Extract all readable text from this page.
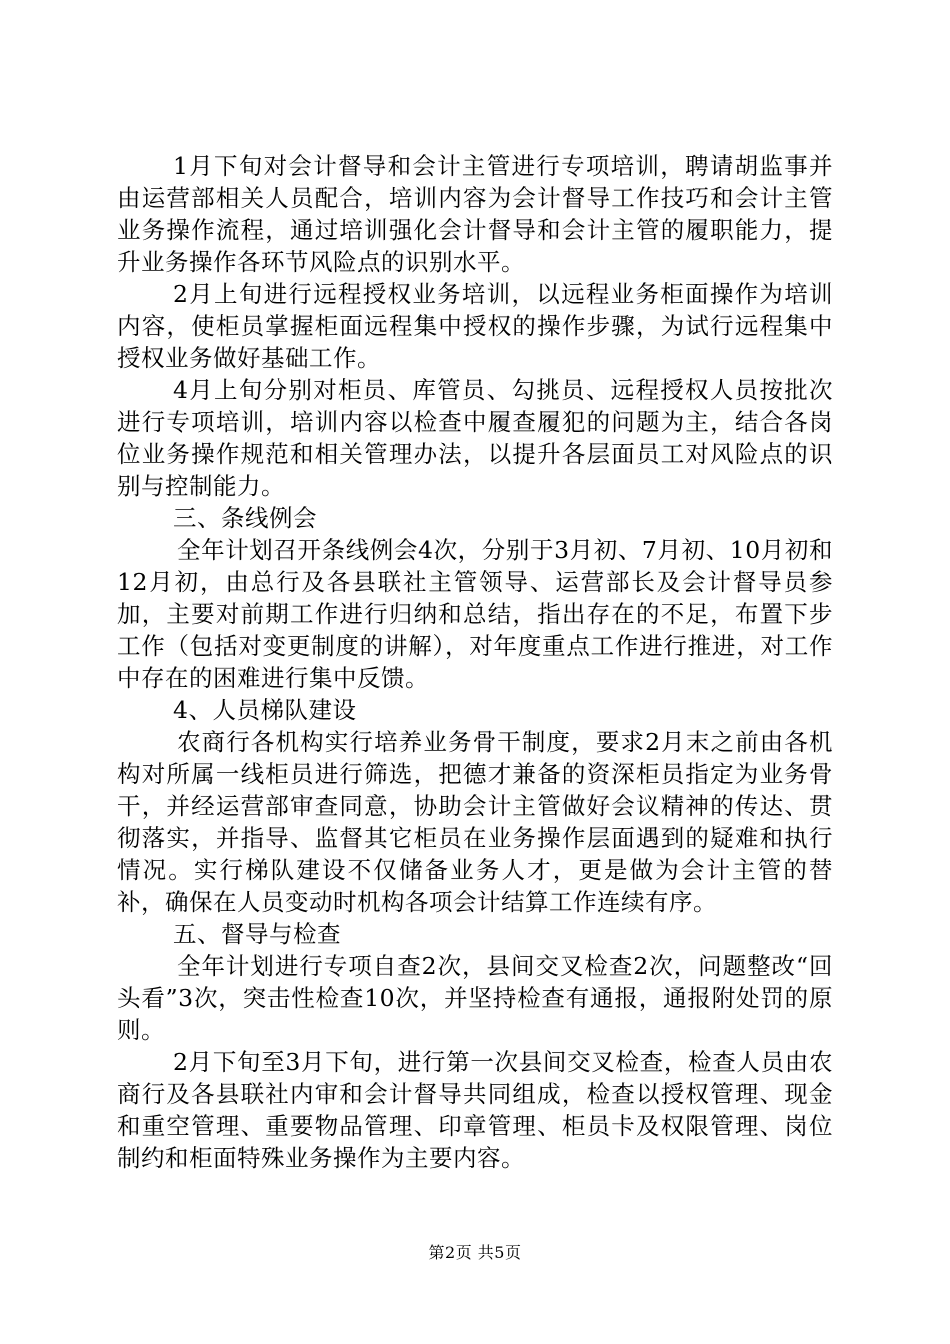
1月下旬对会计督导和会计主管进行专项培训，聘请胡监事并由运营部相关人员配合，培训内容为会计督导工作技巧和会计主管业务操作流程，通过培训强化会计督导和会计主管的履职能力，提升业务操作各环节风险点的识别水平。

2月上旬进行远程授权业务培训，以远程业务柜面操作为培训内容，使柜员掌握柜面远程集中授权的操作步骤，为试行远程集中授权业务做好基础工作。

4月上旬分别对柜员、库管员、勾挑员、远程授权人员按批次进行专项培训，培训内容以检查中履查履犯的问题为主，结合各岗位业务操作规范和相关管理办法，以提升各层面员工对风险点的识别与控制能力。

三、条线例会

全年计划召开条线例会4次，分别于3月初、7月初、10月初和12月初，由总行及各县联社主管领导、运营部长及会计督导员参加，主要对前期工作进行归纳和总结，指出存在的不足，布置下步工作（包括对变更制度的讲解），对年度重点工作进行推进，对工作中存在的困难进行集中反馈。

4、人员梯队建设

农商行各机构实行培养业务骨干制度，要求2月末之前由各机构对所属一线柜员进行筛选，把德才兼备的资深柜员指定为业务骨干，并经运营部审查同意，协助会计主管做好会议精神的传达、贯彻落实，并指导、监督其它柜员在业务操作层面遇到的疑难和执行情况。实行梯队建设不仅储备业务人才，更是做为会计主管的替补，确保在人员变动时机构各项会计结算工作连续有序。

五、督导与检查

全年计划进行专项自查2次，县间交叉检查2次，问题整改“回头看”3次，突击性检查10次，并坚持检查有通报，通报附处罚的原则。

2月下旬至3月下旬，进行第一次县间交叉检查，检查人员由农商行及各县联社内审和会计督导共同组成，检查以授权管理、现金和重空管理、重要物品管理、印章管理、柜员卡及权限管理、岗位制约和柜面特殊业务操作为主要内容。

第2页 共5页
